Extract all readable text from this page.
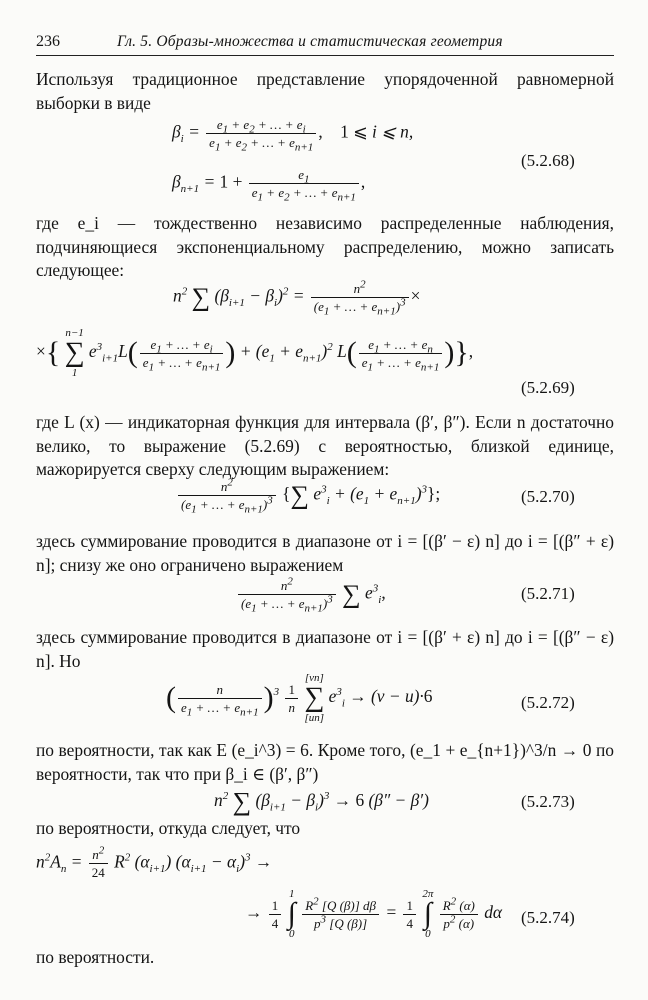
236	Гл. 5. Образы-множества и статистическая геометрия
Используя традиционное представление упорядоченной равномерной выборки в виде
$\beta_i = \frac{e_1 + e_2 + \dots + e_i}{e_1 + e_2 + \dots + e_{n+1}}$ , 1 ⩽ i ⩽ n,
$\beta_{n+1} = 1 + \frac{e_1}{e_1 + e_2 + \dots + e_{n+1}}$ ,
(5.2.68)
где e_i — тождественно независимо распределенные наблюдения, подчиняющиеся экспоненциальному распределению, можно записать следующее:
$n^2$ ∑ $(\beta_{i+1} - \beta_i)^2 = \frac{n^2}{(e_1 + \dots + e_{n+1})^3}$ ×
×{ n−1
∑
1 $e^3_{i+1}L( \frac{e_1 + \dots + e_i}{e_1 + \dots + e_{n+1}}$ ) + $(e_1 + e_{n+1})^2$ $L( \frac{e_1 + \dots + e_n}{e_1 + \dots + e_{n+1}}$ )},
(5.2.69)
где L (x) — индикаторная функция для интервала (β′, β″). Если n достаточно велико, то выражение (5.2.69) с вероятностью, близкой единице, мажорируется сверху следующим выражением:
$\frac{n^2}{(e_1 + \dots + e_{n+1})^3}$ {∑ $e^3_i + (e_1 + e_{n+1})^3$};	(5.2.70)
здесь суммирование проводится в диапазоне от i = [(β′ − ε) n] до i = [(β″ + ε) n]; снизу же оно ограничено выражением
$\frac{n^2}{(e_1 + \dots + e_{n+1})^3}$ ∑ $e^3_i$,	(5.2.71)
здесь суммирование проводится в диапазоне от i = [(β′ + ε) n] до i = [(β″ − ε) n]. Но
( $\frac{n}{e_1 + \dots + e_{n+1}} )^3 \frac{1}{n}$
[vn]
∑
[un] $e^3_i \to (v - u)\cdot 6$	(5.2.72)
по вероятности, так как E (e_i^3) = 6. Кроме того, (e_1 + e_{n+1})^3/n → 0 по вероятности, так что при β_i ∈ (β′, β″)
$n^2$ ∑ $(\beta_{i+1} - \beta_i)^3 \to 6$ (β″ − β′)	(5.2.73)
по вероятности, откуда следует, что
$n^2A_n = \frac{n^2}{24} R^2$ $(\alpha_{i+1}) (\alpha_{i+1} - \alpha_i)^3$ →
→ $\frac{1}{4}$
1
∫
0
$\frac{R^2 [Q (\beta)] d\beta}{p^3 [Q (\beta)]} = \frac{1}{4}$
2π
∫
0
$\frac{R^2 (\alpha)}{p^2 (\alpha)}$ dα (5.2.74)
по вероятности.
